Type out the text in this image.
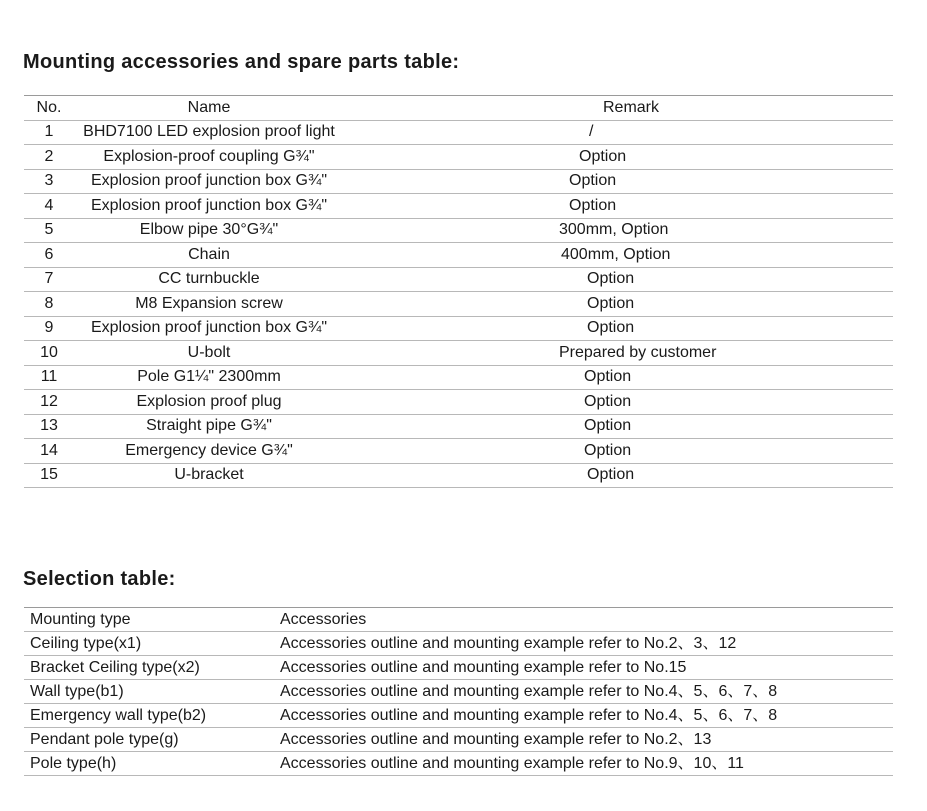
Mounting accessories and spare parts table:
No.	Name	Remark
1	BHD7100 LED explosion proof light	/
2	Explosion-proof coupling G¾"	Option
3	Explosion proof junction box G¾"	Option
4	Explosion proof junction box G¾"	Option
5	Elbow pipe 30°G¾"	300mm, Option
6	Chain	400mm, Option
7	CC turnbuckle	Option
8	M8 Expansion screw	Option
9	Explosion proof junction box G¾"	Option
10	U-bolt	Prepared by customer
11	Pole G1¼" 2300mm	Option
12	Explosion proof plug	Option
13	Straight pipe G¾"	Option
14	Emergency device G¾"	Option
15	U-bracket	Option
Selection table:
Mounting type	Accessories
Ceiling type(x1)	Accessories outline and mounting example refer to No.2、3、12
Bracket Ceiling type(x2)	Accessories outline and mounting example refer to No.15
Wall type(b1)	Accessories outline and mounting example refer to No.4、5、6、7、8
Emergency wall type(b2)	Accessories outline and mounting example refer to No.4、5、6、7、8
Pendant pole type(g)	Accessories outline and mounting example refer to No.2、13
Pole type(h)	Accessories outline and mounting example refer to No.9、10、11
